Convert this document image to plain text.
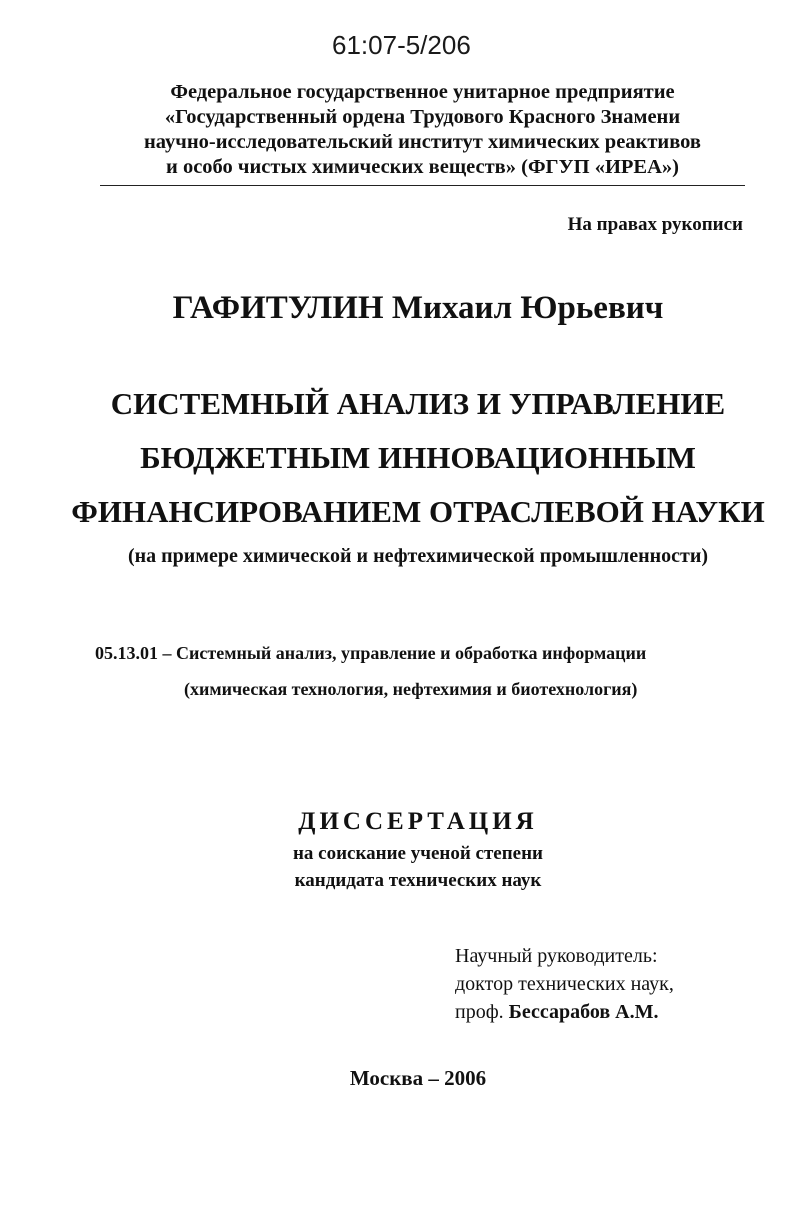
61:07-5/206
Федеральное государственное унитарное предприятие
«Государственный ордена Трудового Красного Знамени
научно-исследовательский институт химических реактивов
и особо чистых химических веществ» (ФГУП «ИРЕА»)
На правах рукописи
ГАФИТУЛИН Михаил Юрьевич
СИСТЕМНЫЙ АНАЛИЗ И УПРАВЛЕНИЕ
БЮДЖЕТНЫМ ИННОВАЦИОННЫМ
ФИНАНСИРОВАНИЕМ ОТРАСЛЕВОЙ НАУКИ
(на примере химической и нефтехимической промышленности)
05.13.01 – Системный анализ, управление и обработка информации
(химическая технология, нефтехимия и биотехнология)
ДИССЕРТАЦИЯ
на соискание ученой степени
кандидата технических наук
Научный руководитель:
доктор технических наук,
проф. Бессарабов А.М.
Москва – 2006
